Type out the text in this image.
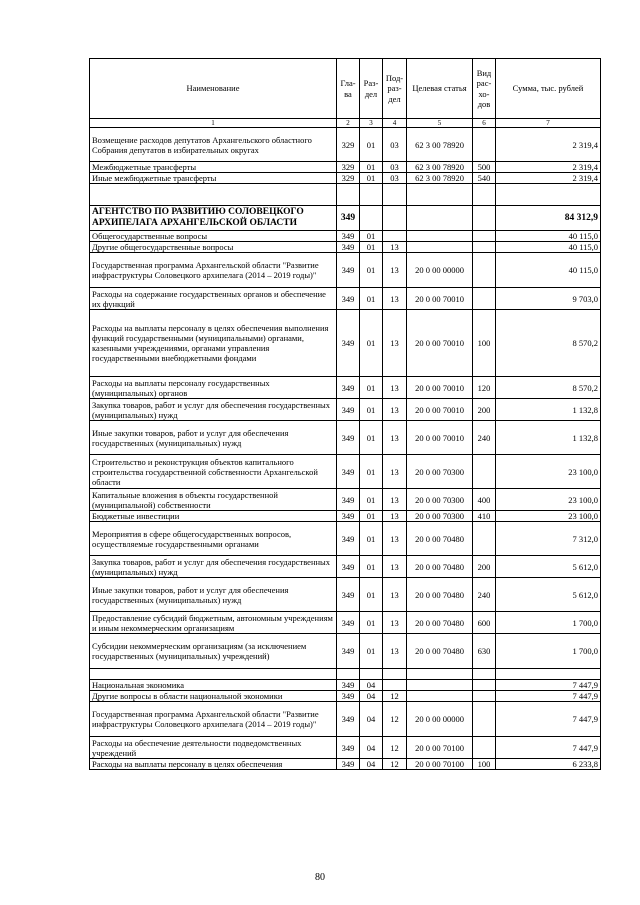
Наименование	Гла-ва	Раз-дел	Под-раз-дел	Целевая статья	Вид рас-хо-дов	Сумма, тыс. рублей
1	2	3	4	5	6	7
Возмещение расходов депутатов Архангельского областного Собрания депутатов в избирательных округах	329	01	03	62 3 00 78920		2 319,4
Межбюджетные трансферты	329	01	03	62 3 00 78920	500	2 319,4
Иные межбюджетные трансферты	329	01	03	62 3 00 78920	540	2 319,4

АГЕНТСТВО ПО РАЗВИТИЮ СОЛОВЕЦКОГО АРХИПЕЛАГА АРХАНГЕЛЬСКОЙ ОБЛАСТИ	349					84 312,9
Общегосударственные вопросы	349	01				40 115,0
Другие общегосударственные вопросы	349	01	13			40 115,0
Государственная программа Архангельской области "Развитие инфраструктуры Соловецкого архипелага (2014 – 2019 годы)"	349	01	13	20 0 00 00000		40 115,0
Расходы на содержание государственных органов и обеспечение их функций	349	01	13	20 0 00 70010		9 703,0
Расходы на выплаты персоналу в целях обеспечения выполнения функций государственными (муниципальными) органами, казенными учреждениями, органами управления государственными внебюджетными фондами	349	01	13	20 0 00 70010	100	8 570,2
Расходы на выплаты персоналу государственных (муниципальных) органов	349	01	13	20 0 00 70010	120	8 570,2
Закупка товаров, работ и услуг для обеспечения государственных (муниципальных) нужд	349	01	13	20 0 00 70010	200	1 132,8
Иные закупки товаров, работ и услуг для обеспечения государственных (муниципальных) нужд	349	01	13	20 0 00 70010	240	1 132,8
Строительство и реконструкция объектов капитального строительства государственной собственности Архангельской области	349	01	13	20 0 00 70300		23 100,0
Капитальные вложения в объекты государственной (муниципальной) собственности	349	01	13	20 0 00 70300	400	23 100,0
Бюджетные инвестиции	349	01	13	20 0 00 70300	410	23 100,0
Мероприятия в сфере общегосударственных вопросов, осуществляемые государственными органами	349	01	13	20 0 00 70480		7 312,0
Закупка товаров, работ и услуг для обеспечения государственных (муниципальных) нужд	349	01	13	20 0 00 70480	200	5 612,0
Иные закупки товаров, работ и услуг для обеспечения государственных (муниципальных) нужд	349	01	13	20 0 00 70480	240	5 612,0
Предоставление субсидий бюджетным, автономным учреждениям и иным некоммерческим организациям	349	01	13	20 0 00 70480	600	1 700,0
Субсидии некоммерческим организациям (за исключением государственных (муниципальных) учреждений)	349	01	13	20 0 00 70480	630	1 700,0

Национальная экономика	349	04				7 447,9
Другие вопросы в области национальной экономики	349	04	12			7 447,9
Государственная программа Архангельской области "Развитие инфраструктуры Соловецкого архипелага (2014 – 2019 годы)"	349	04	12	20 0 00 00000		7 447,9
Расходы на обеспечение деятельности подведомственных учреждений	349	04	12	20 0 00 70100		7 447,9
Расходы на выплаты персоналу в целях обеспечения	349	04	12	20 0 00 70100	100	6 233,8
80
